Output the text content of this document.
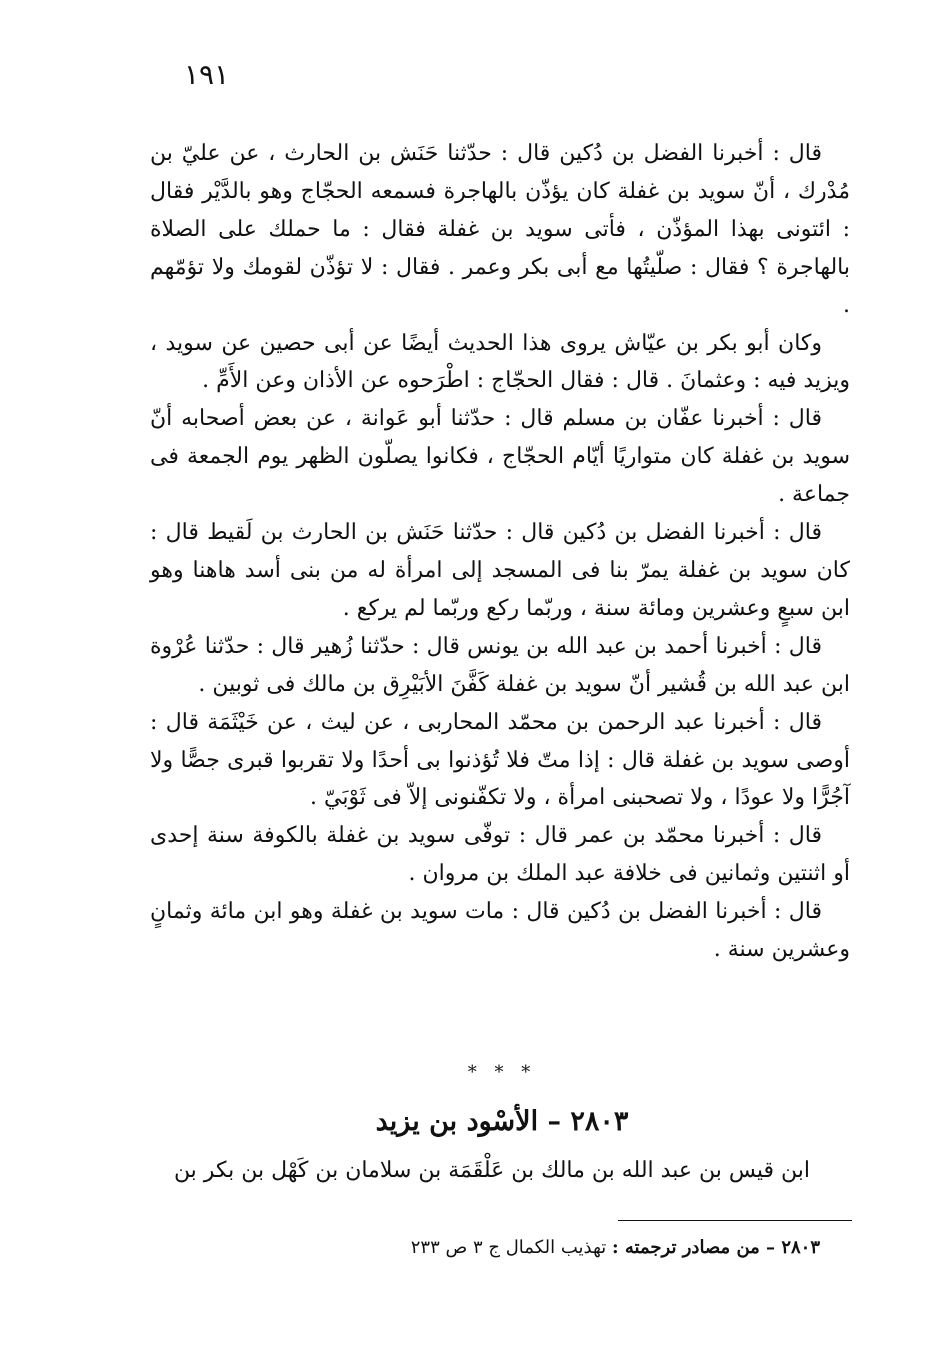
١٩١

قال : أخبرنا الفضل بن دُكين قال : حدّثنا حَنَش بن الحارث ، عن عليّ بن مُدْرك ، أنّ سويد بن غفلة كان يؤذّن بالهاجرة فسمعه الحجّاج وهو بالدَّيْر فقال : ائتونى بهذا المؤذّن ، فأتى سويد بن غفلة فقال : ما حملك على الصلاة بالهاجرة ؟ فقال : صلّيتُها مع أبى بكر وعمر . فقال : لا تؤذّن لقومك ولا تؤمّهم .

وكان أبو بكر بن عيّاش يروى هذا الحديث أيضًا عن أبى حصين عن سويد ، ويزيد فيه : وعثمانَ . قال : فقال الحجّاج : اطْرَحوه عن الأذان وعن الأَمِّ .

قال : أخبرنا عفّان بن مسلم قال : حدّثنا أبو عَوانة ، عن بعض أصحابه أنّ سويد بن غفلة كان متواريًا أيّام الحجّاج ، فكانوا يصلّون الظهر يوم الجمعة فى جماعة .

قال : أخبرنا الفضل بن دُكين قال : حدّثنا حَنَش بن الحارث بن لَقيط قال : كان سويد بن غفلة يمرّ بنا فى المسجد إلى امرأة له من بنى أسد هاهنا وهو ابن سبعٍ وعشرين ومائة سنة ، وربّما ركع وربّما لم يركع .

قال : أخبرنا أحمد بن عبد الله بن يونس قال : حدّثنا زُهير قال : حدّثنا عُرْوة ابن عبد الله بن قُشير أنّ سويد بن غفلة كَفَّنَ الأبَيْرِق بن مالك فى ثوبين .

قال : أخبرنا عبد الرحمن بن محمّد المحاربى ، عن ليث ، عن خَيْثَمَة قال : أوصى سويد بن غفلة قال : إذا متّ فلا تُؤذنوا بى أحدًا ولا تقربوا قبرى جصًّا ولا آجُرًّا ولا عودًا ، ولا تصحبنى امرأة ، ولا تكفّنونى إلاّ فى ثَوْبَيّ .

قال : أخبرنا محمّد بن عمر قال : توفّى سويد بن غفلة بالكوفة سنة إحدى أو اثنتين وثمانين فى خلافة عبد الملك بن مروان .

قال : أخبرنا الفضل بن دُكين قال : مات سويد بن غفلة وهو ابن مائة وثمانٍ وعشرين سنة .

* * *
٢٨٠٣ – الأسْود بن يزيد
ابن قيس بن عبد الله بن مالك بن عَلْقَمَة بن سلامان بن كَهْل بن بكر بن
٢٨٠٣ – من مصادر ترجمته : تهذيب الكمال ج ٣ ص ٢٣٣
